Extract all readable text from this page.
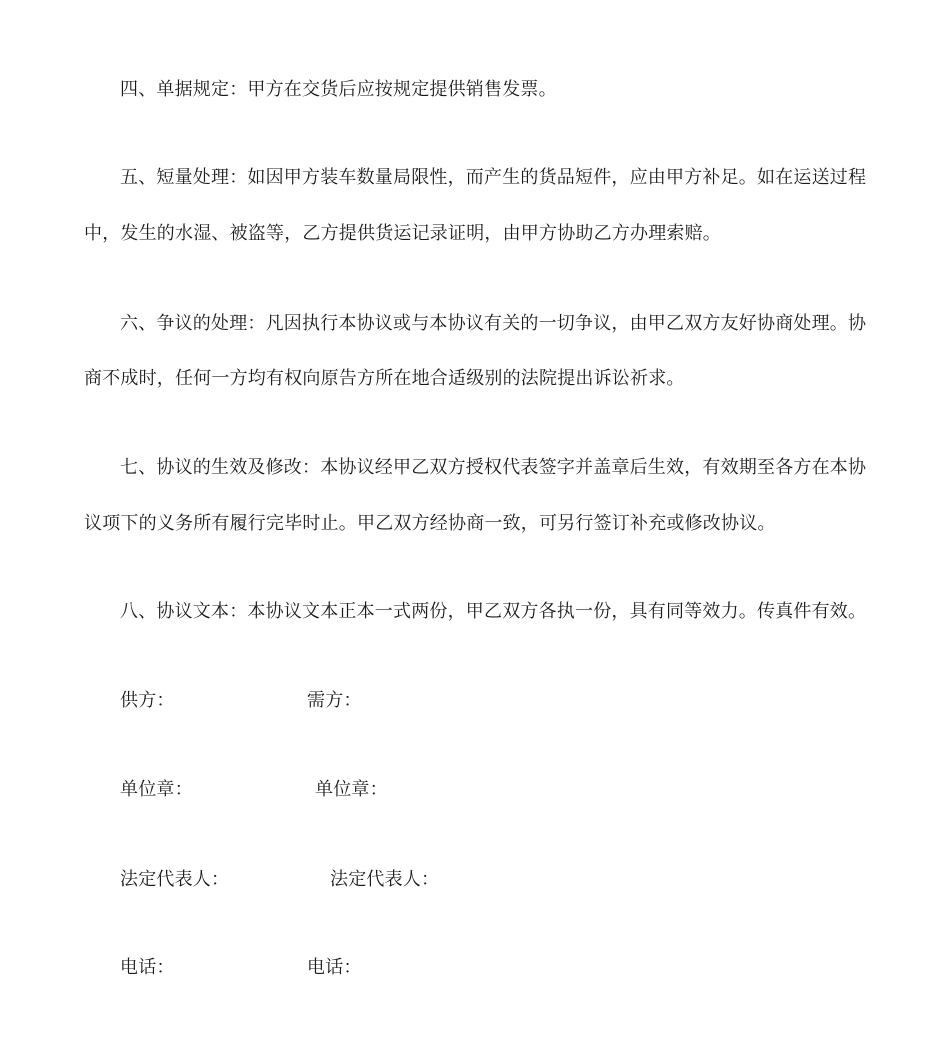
四、单据规定：甲方在交货后应按规定提供销售发票。
五、短量处理：如因甲方装车数量局限性，而产生的货品短件，应由甲方补足。如在运送过程
中，发生的水湿、被盗等，乙方提供货运记录证明，由甲方协助乙方办理索赔。
六、争议的处理：凡因执行本协议或与本协议有关的一切争议，由甲乙双方友好协商处理。协
商不成时，任何一方均有权向原告方所在地合适级别的法院提出诉讼祈求。
七、协议的生效及修改：本协议经甲乙双方授权代表签字并盖章后生效，有效期至各方在本协
议项下的义务所有履行完毕时止。甲乙双方经协商一致，可另行签订补充或修改协议。
八、协议文本：本协议文本正本一式两份，甲乙双方各执一份，具有同等效力。传真件有效。
供方：	需方：
单位章：	单位章：
法定代表人：	法定代表人：
电话：	电话：
